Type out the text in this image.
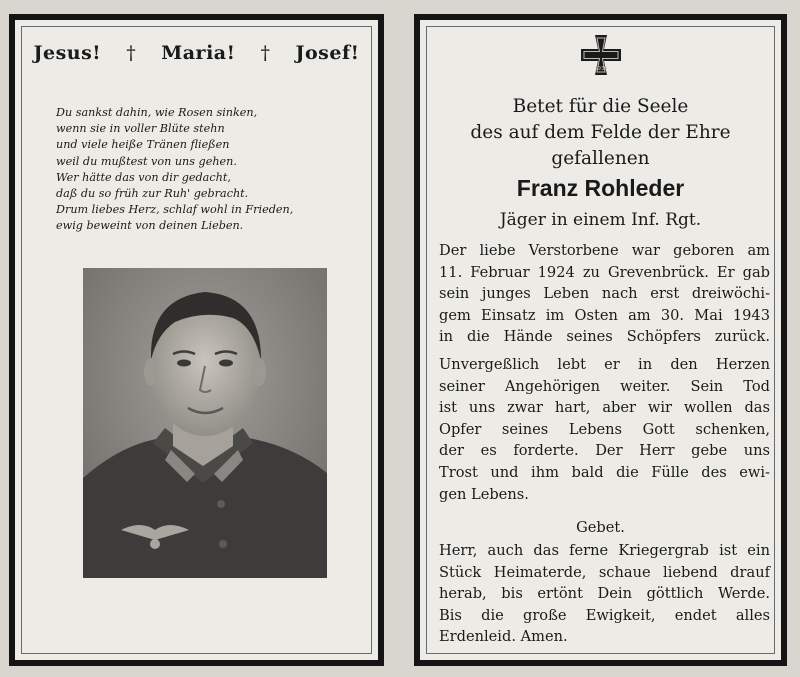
Jesus! † Maria! † Josef!
Du sankst dahin, wie Rosen sinken,
wenn sie in voller Blüte stehn
und viele heiße Tränen fließen
weil du mußtest von uns gehen.
Wer hätte das von dir gedacht,
daß du so früh zur Ruh' gebracht.
Drum liebes Herz, schlaf wohl in Frieden,
ewig beweint von deinen Lieben.
1939
Betet für die Seele
des auf dem Felde der Ehre
gefallenen
Franz Rohleder
Jäger in einem Inf. Rgt.
Der liebe Verstorbene war geboren am
11. Februar 1924 zu Grevenbrück. Er gab
sein junges Leben nach erst dreiwöchi-
gem Einsatz im Osten am 30. Mai 1943
in die Hände seines Schöpfers zurück.
Unvergeßlich lebt er in den Herzen
seiner Angehörigen weiter. Sein Tod
ist uns zwar hart, aber wir wollen das
Opfer seines Lebens Gott schenken,
der es forderte. Der Herr gebe uns
Trost und ihm bald die Fülle des ewi-
gen Lebens.
Gebet.
Herr, auch das ferne Kriegergrab ist ein
Stück Heimaterde, schaue liebend drauf
herab, bis ertönt Dein göttlich Werde.
Bis die große Ewigkeit, endet alles
Erdenleid. Amen.
